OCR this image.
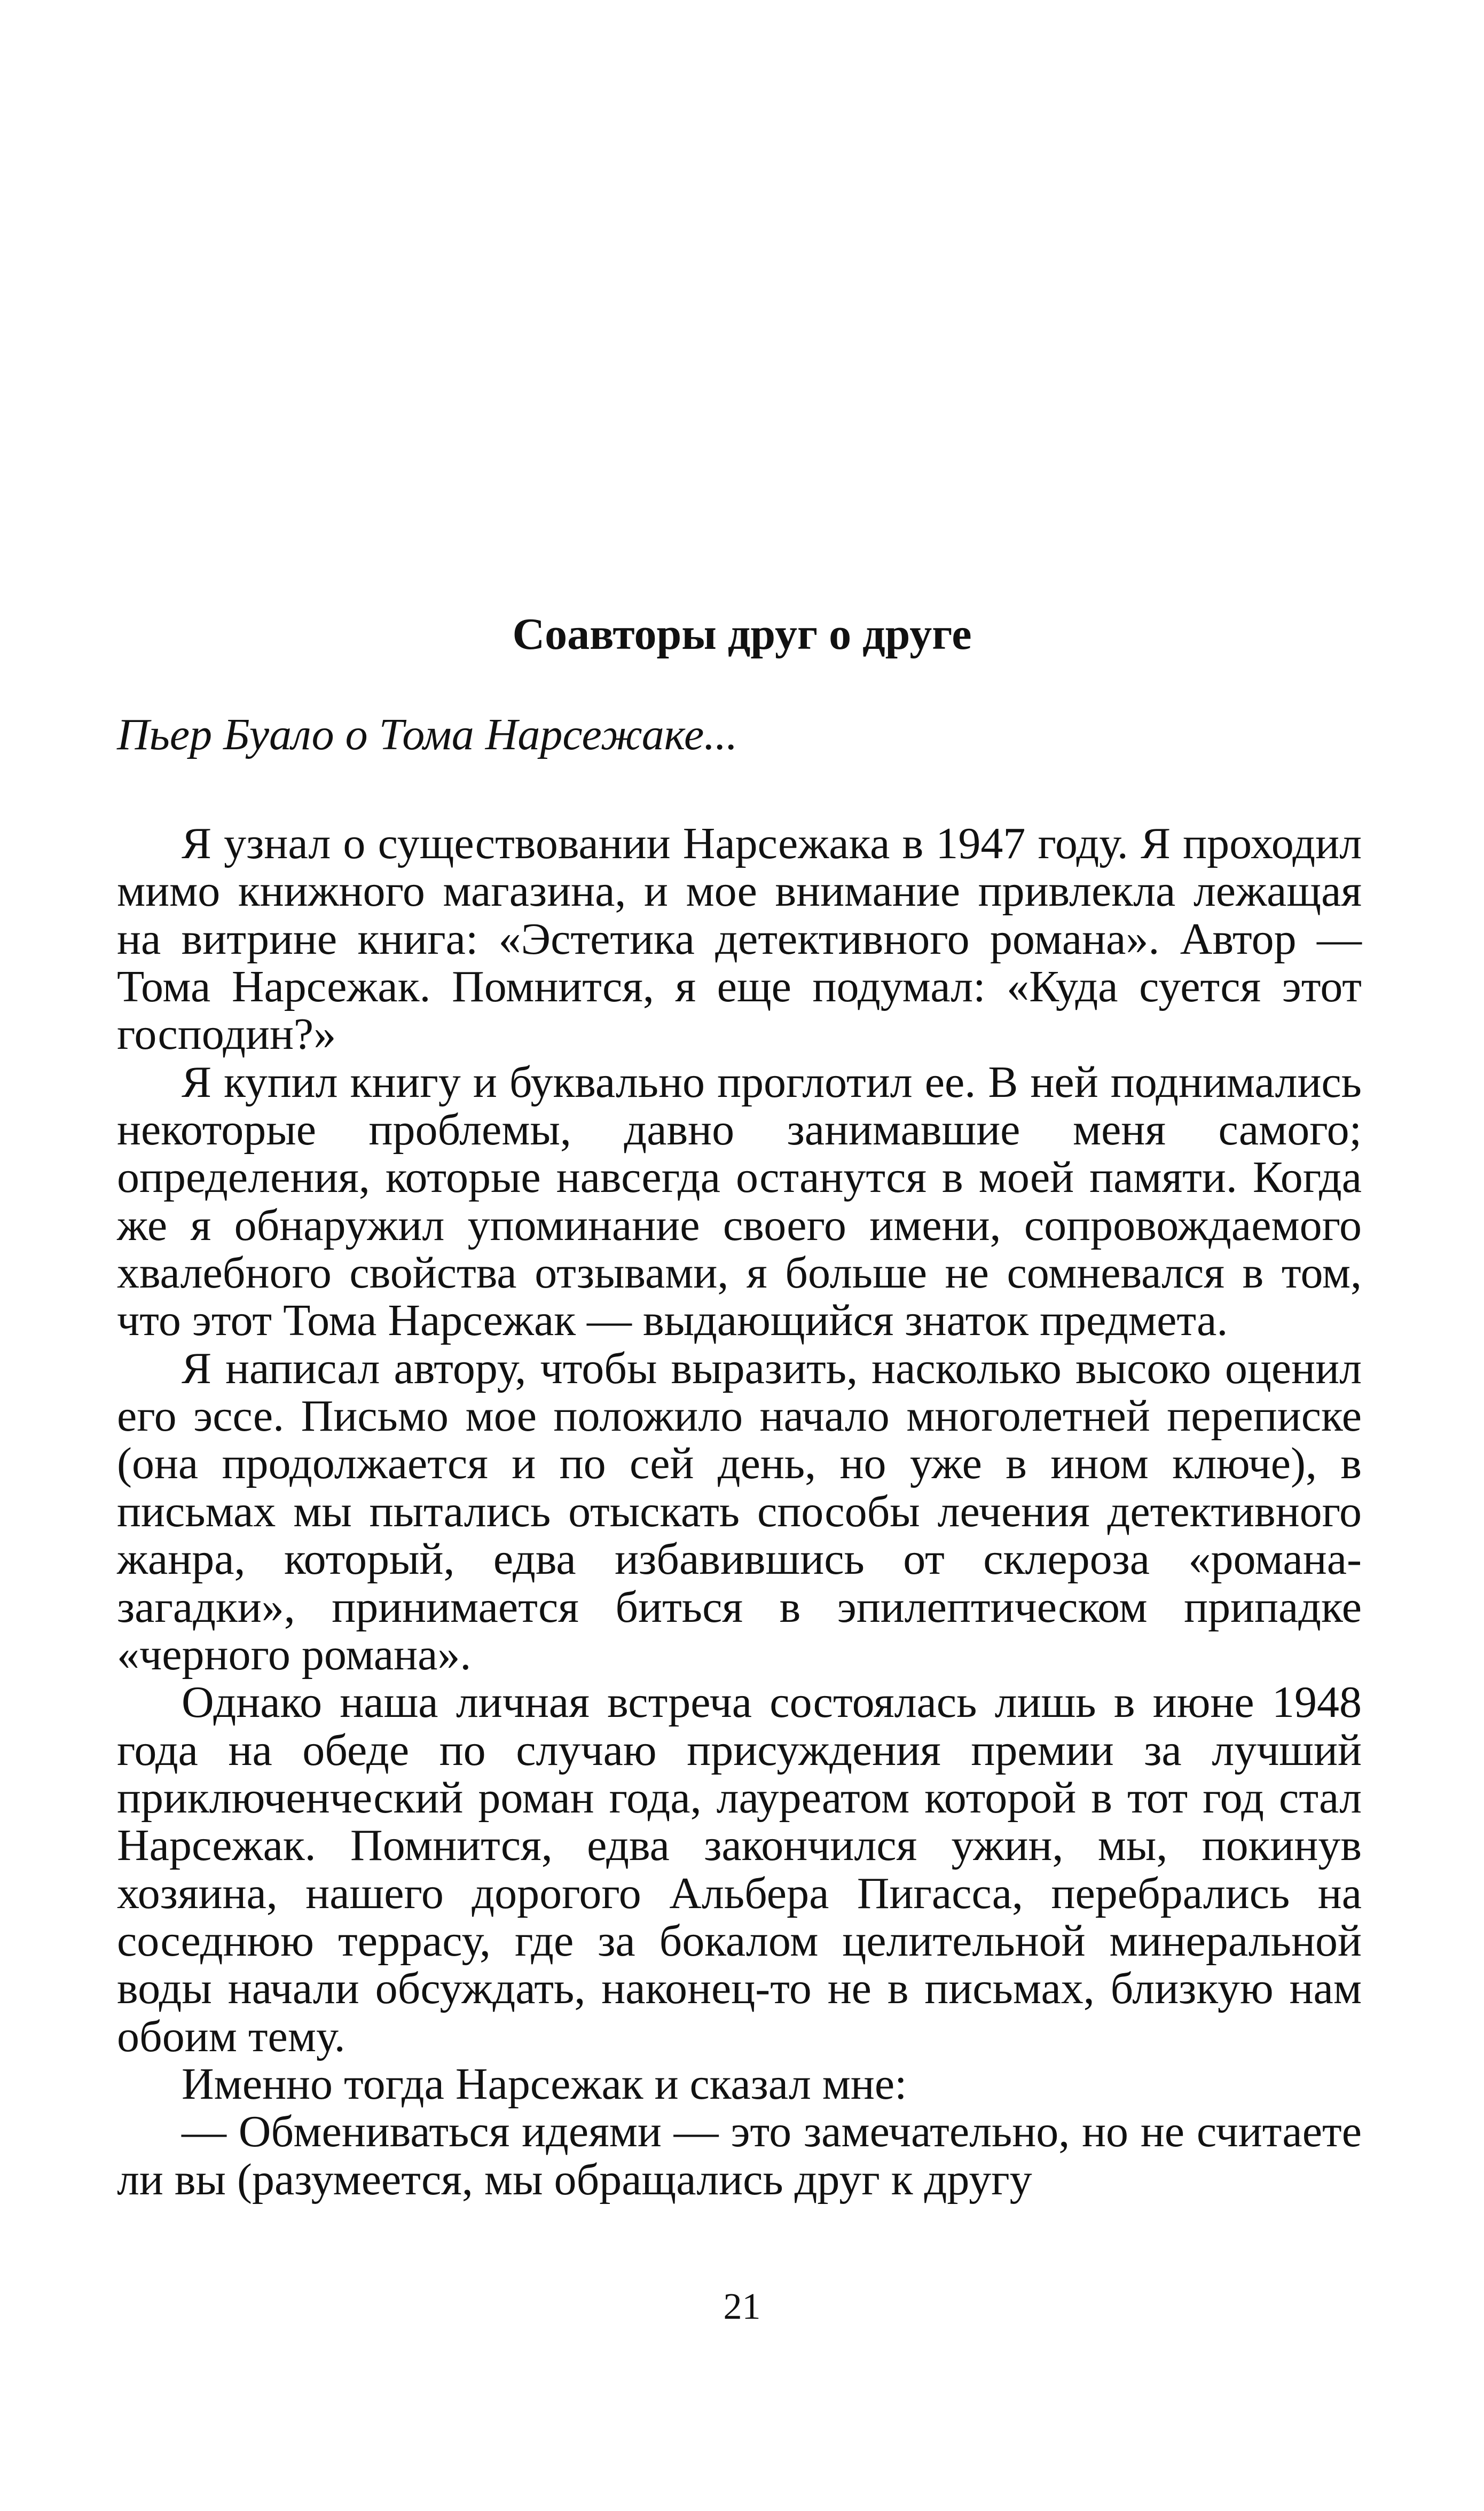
Соавторы друг о друге

Пьер Буало о Тома Нарсежаке...

Я узнал о существовании Нарсежака в 1947 году. Я проходил мимо книжного магазина, и мое внимание привлекла лежащая на витрине книга: «Эстетика детективного романа». Автор — Тома Нарсежак. Помнится, я еще подумал: «Куда суется этот господин?»

Я купил книгу и буквально проглотил ее. В ней поднимались некоторые проблемы, давно занимавшие меня самого; определения, которые навсегда останутся в моей памяти. Когда же я обнаружил упоминание своего имени, сопровождаемого хвалебного свойства отзывами, я больше не сомневался в том, что этот Тома Нарсежак — выдающийся знаток предмета.

Я написал автору, чтобы выразить, насколько высоко оценил его эссе. Письмо мое положило начало многолетней переписке (она продолжается и по сей день, но уже в ином ключе), в письмах мы пытались отыскать способы лечения детективного жанра, который, едва избавившись от склероза «романа-загадки», принимается биться в эпилептическом припадке «черного романа».

Однако наша личная встреча состоялась лишь в июне 1948 года на обеде по случаю присуждения премии за лучший приключенческий роман года, лауреатом которой в тот год стал Нарсежак. Помнится, едва закончился ужин, мы, покинув хозяина, нашего дорогого Альбера Пигасса, перебрались на соседнюю террасу, где за бокалом целительной минеральной воды начали обсуждать, наконец-то не в письмах, близкую нам обоим тему.

Именно тогда Нарсежак и сказал мне:

— Обмениваться идеями — это замечательно, но не считаете ли вы (разумеется, мы обращались друг к другу

21
